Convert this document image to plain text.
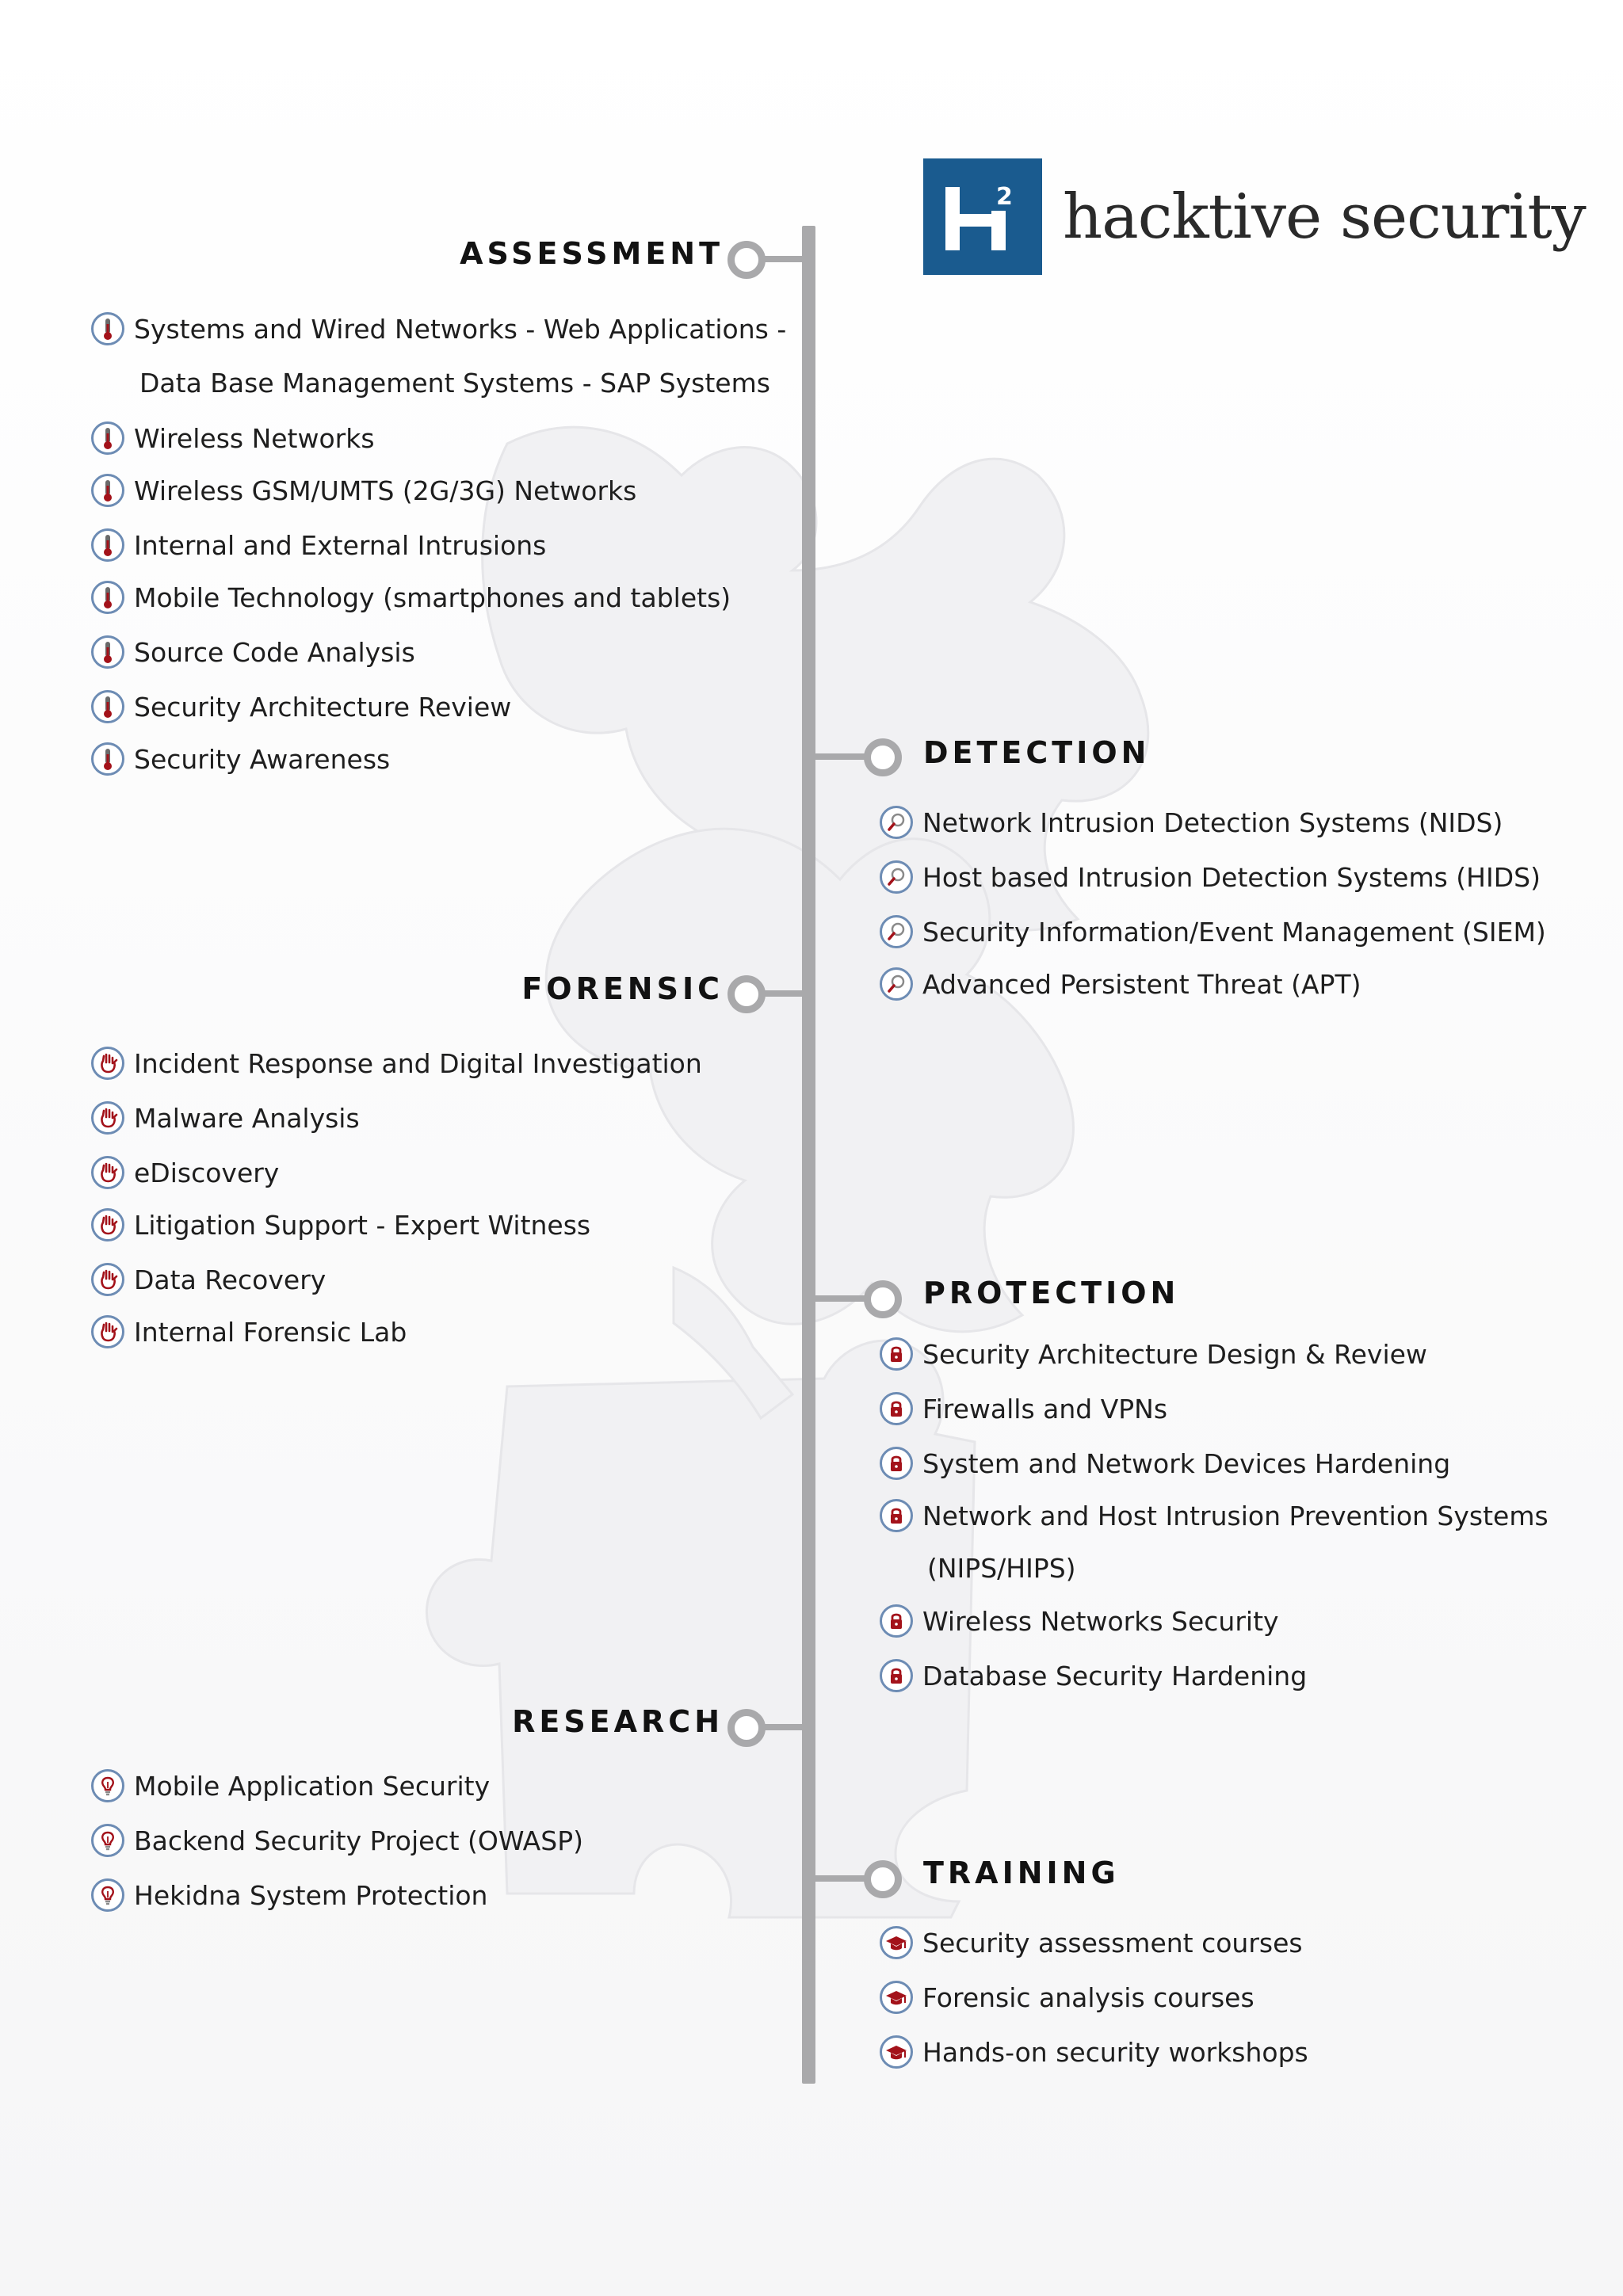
2 hacktive security
ASSESSMENT
Systems and Wired Networks - Web Applications -
Data Base Management Systems - SAP Systems
Wireless Networks
Wireless GSM/UMTS (2G/3G) Networks
Internal and External Intrusions
Mobile Technology (smartphones and tablets)
Source Code Analysis
Security Architecture Review
Security Awareness	DETECTION
Network Intrusion Detection Systems (NIDS)
Host based Intrusion Detection Systems (HIDS)
Security Information/Event Management (SIEM)
Advanced Persistent Threat (APT)
FORENSIC
Incident Response and Digital Investigation
Malware Analysis
eDiscovery
Litigation Support - Expert Witness
Data Recovery
Internal Forensic Lab
PROTECTION
Security Architecture Design & Review
Firewalls and VPNs
System and Network Devices Hardening
Network and Host Intrusion Prevention Systems
(NIPS/HIPS)
Wireless Networks Security
Database Security Hardening
RESEARCH
Mobile Application Security
Backend Security Project (OWASP)
Hekidna System Protection
TRAINING
Security assessment courses
Forensic analysis courses
Hands-on security workshops
